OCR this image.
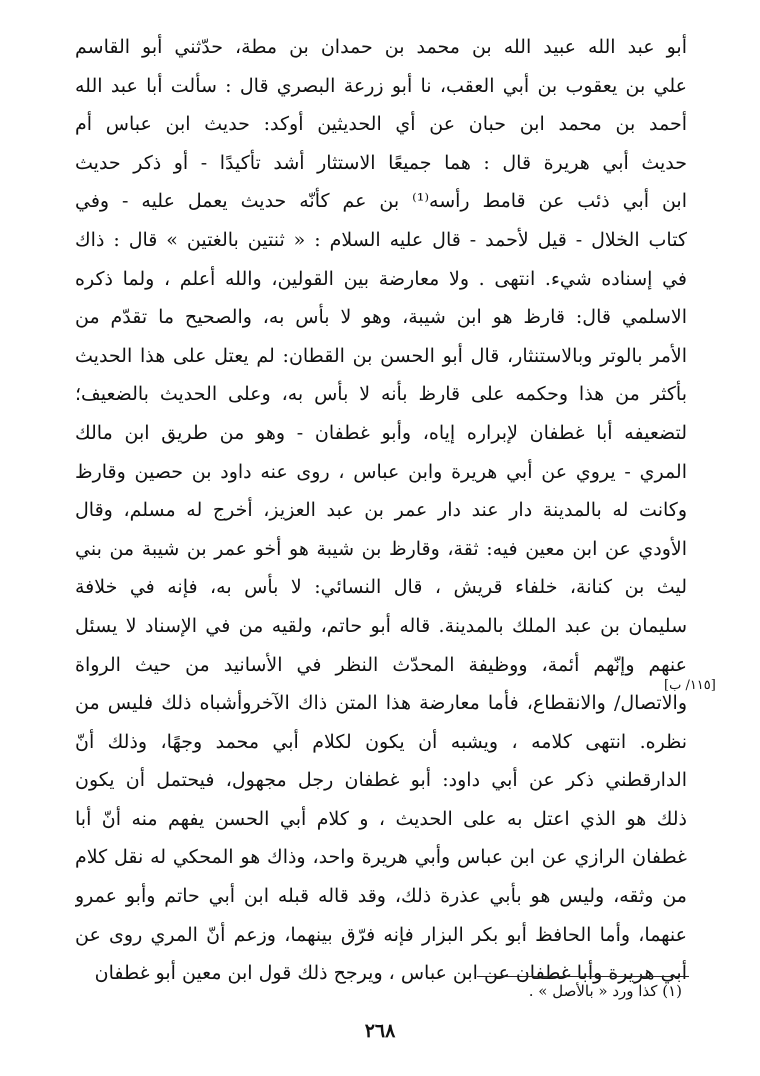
أبو عبد الله عبيد الله بن محمد بن حمدان بن مطة، حدّثني أبو القاسم
علي بن يعقوب بن أبي العقب، نا أبو زرعة البصري قال : سألت أبا عبد الله
أحمد بن محمد ابن حبان عن أي الحديثين أوكد: حديث ابن عباس أم
حديث أبي هريرة قال : هما جميعًا الاستثار أشد تأكيدًا - أو ذكر حديث
ابن أبي ذئب عن قامط رأسه⁽¹⁾ بن عم كأنّه حديث يعمل عليه - وفي
كتاب الخلال - قيل لأحمد - قال عليه السلام : « ثنتين بالغتين » قال : ذاك
في إسناده شيء. انتهى . ولا معارضة بين القولين، والله أعلم ، ولما ذكره
الاسلمي قال: قارظ هو ابن شيبة، وهو لا بأس به، والصحيح ما تقدّم من
الأمر بالوتر وبالاستنثار، قال أبو الحسن بن القطان: لم يعتل على هذا الحديث
بأكثر من هذا وحكمه على قارظ بأنه لا بأس به، وعلى الحديث بالضعيف؛
لتضعيفه أبا غطفان لإبراره إياه، وأبو غطفان - وهو من طريق ابن مالك
المري - يروي عن أبي هريرة وابن عباس ، روى عنه داود بن حصين وقارظ
وكانت له بالمدينة دار عند دار عمر بن عبد العزيز، أخرج له مسلم، وقال
الأودي عن ابن معين فيه: ثقة، وقارظ بن شيبة هو أخو عمر بن شيبة من بني
ليث بن كنانة، خلفاء قريش ، قال النسائي: لا بأس به، فإنه في خلافة
سليمان بن عبد الملك بالمدينة. قاله أبو حاتم، ولقيه من في الإسناد لا يسئل
عنهم وإنّهم أئمة، ووظيفة المحدّث النظر في الأسانيد من حيث الرواة
والاتصال/ والانقطاع، فأما معارضة هذا المتن ذاك الآخروأشباه ذلك فليس من
نظره. انتهى كلامه ، ويشبه أن يكون لكلام أبي محمد وجهًا، وذلك أنّ
الدارقطني ذكر عن أبي داود: أبو غطفان رجل مجهول، فيحتمل أن يكون
ذلك هو الذي اعتل به على الحديث ، و كلام أبي الحسن يفهم منه أنّ أبا
غطفان الرازي عن ابن عباس وأبي هريرة واحد، وذاك هو المحكي له نقل كلام
من وثقه، وليس هو بأبي عذرة ذلك، وقد قاله قبله ابن أبي حاتم وأبو عمرو
عنهما، وأما الحافظ أبو بكر البزار فإنه فرّق بينهما، وزعم أنّ المري روى عن
أبي هريرة وأبا غطفان عن ابن عباس ، ويرجح ذلك قول ابن معين أبو غطفان
[١١٥/ ب]
(١) كذا ورد « بالأصل » .
٢٦٨
